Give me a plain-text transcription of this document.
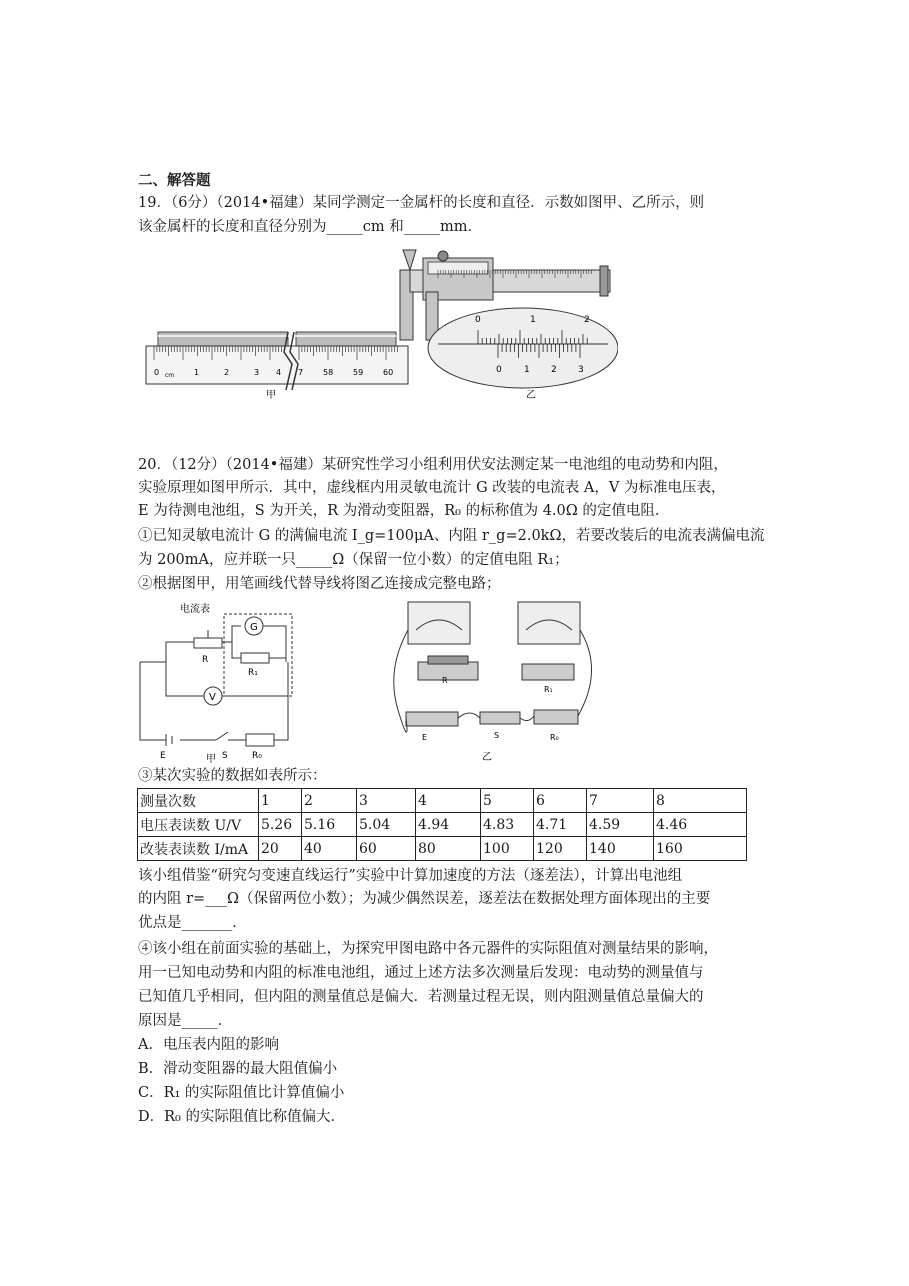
二、解答题
19．（6分）（2014•福建）某同学测定一金属杆的长度和直径．示数如图甲、乙所示，则
该金属杆的长度和直径分别为_____cm 和_____mm．
0 cm 1	2	3 4 7 58 59 60
甲
0	1	2
0 1 2 3
乙
20．（12分）（2014•福建）某研究性学习小组利用伏安法测定某一电池组的电动势和内阻，
实验原理如图甲所示．其中，虚线框内用灵敏电流计 G 改装的电流表 A，V 为标准电压表，
E 为待测电池组，S 为开关，R 为滑动变阻器，R₀ 的标称值为 4.0Ω 的定值电阻．
①已知灵敏电流计 G 的满偏电流 I_g=100μA、内阻 r_g=2.0kΩ，若要改装后的电流表满偏电流
为 200mA，应并联一只_____Ω（保留一位小数）的定值电阻 R₁；
②根据图甲，用笔画线代替导线将图乙连接成完整电路；
电流表
G
V
R
R₁
E	S	R₀
甲
R
R₁
E	S	R₀
乙
③某次实验的数据如表所示：
测量次数	1	2	3	4	5	6	7	8
电压表读数 U/V	5.26	5.16	5.04	4.94	4.83	4.71	4.59	4.46
改装表读数 I/mA	20	40	60	80	100	120	140	160
该小组借鉴“研究匀变速直线运行”实验中计算加速度的方法（逐差法），计算出电池组
的内阻 r=___Ω（保留两位小数）；为减少偶然误差，逐差法在数据处理方面体现出的主要
优点是_______．
④该小组在前面实验的基础上，为探究甲图电路中各元器件的实际阻值对测量结果的影响，
用一已知电动势和内阻的标准电池组，通过上述方法多次测量后发现：电动势的测量值与
已知值几乎相同，但内阻的测量值总是偏大．若测量过程无误，则内阻测量值总量偏大的
原因是_____．
A．电压表内阻的影响
B．滑动变阻器的最大阻值偏小
C．R₁ 的实际阻值比计算值偏小
D．R₀ 的实际阻值比称值偏大．
